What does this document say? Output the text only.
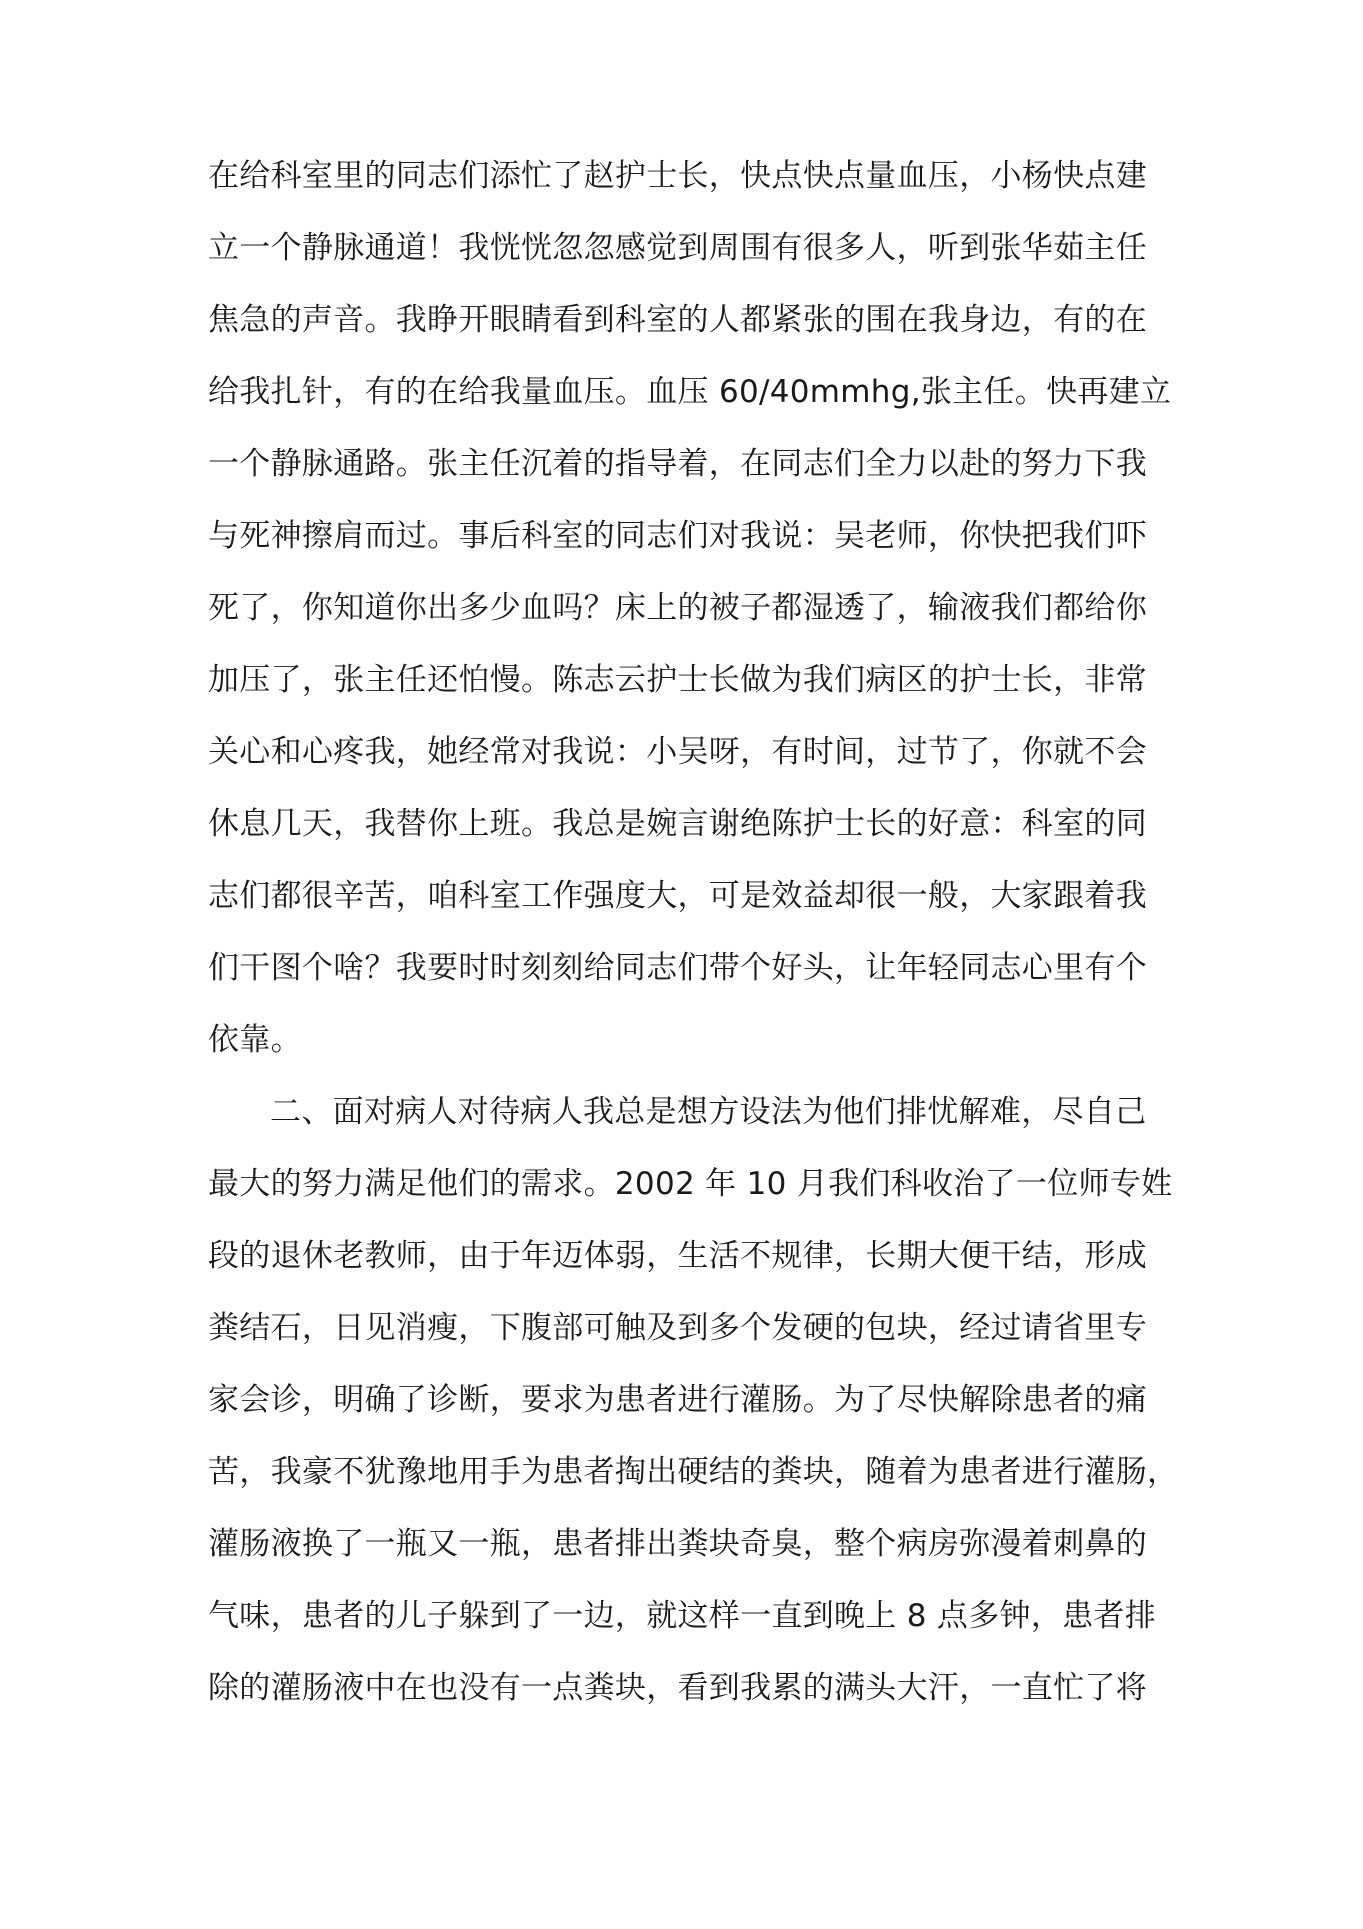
在给科室里的同志们添忙了赵护士长，快点快点量血压，小杨快点建
立一个静脉通道！我恍恍忽忽感觉到周围有很多人，听到张华茹主任
焦急的声音。我睁开眼睛看到科室的人都紧张的围在我身边，有的在
给我扎针，有的在给我量血压。血压 60/40mmhg,张主任。快再建立
一个静脉通路。张主任沉着的指导着，在同志们全力以赴的努力下我
与死神擦肩而过。事后科室的同志们对我说：吴老师，你快把我们吓
死了，你知道你出多少血吗？床上的被子都湿透了，输液我们都给你
加压了，张主任还怕慢。陈志云护士长做为我们病区的护士长，非常
关心和心疼我，她经常对我说：小吴呀，有时间，过节了，你就不会
休息几天，我替你上班。我总是婉言谢绝陈护士长的好意：科室的同
志们都很辛苦，咱科室工作强度大，可是效益却很一般，大家跟着我
们干图个啥？我要时时刻刻给同志们带个好头，让年轻同志心里有个
依靠。
二、面对病人对待病人我总是想方设法为他们排忧解难，尽自己
最大的努力满足他们的需求。2002 年 10 月我们科收治了一位师专姓
段的退休老教师，由于年迈体弱，生活不规律，长期大便干结，形成
粪结石，日见消瘦，下腹部可触及到多个发硬的包块，经过请省里专
家会诊，明确了诊断，要求为患者进行灌肠。为了尽快解除患者的痛
苦，我豪不犹豫地用手为患者掏出硬结的粪块，随着为患者进行灌肠，
灌肠液换了一瓶又一瓶，患者排出粪块奇臭，整个病房弥漫着刺鼻的
气味，患者的儿子躲到了一边，就这样一直到晚上 8 点多钟，患者排
除的灌肠液中在也没有一点粪块，看到我累的满头大汗，一直忙了将
